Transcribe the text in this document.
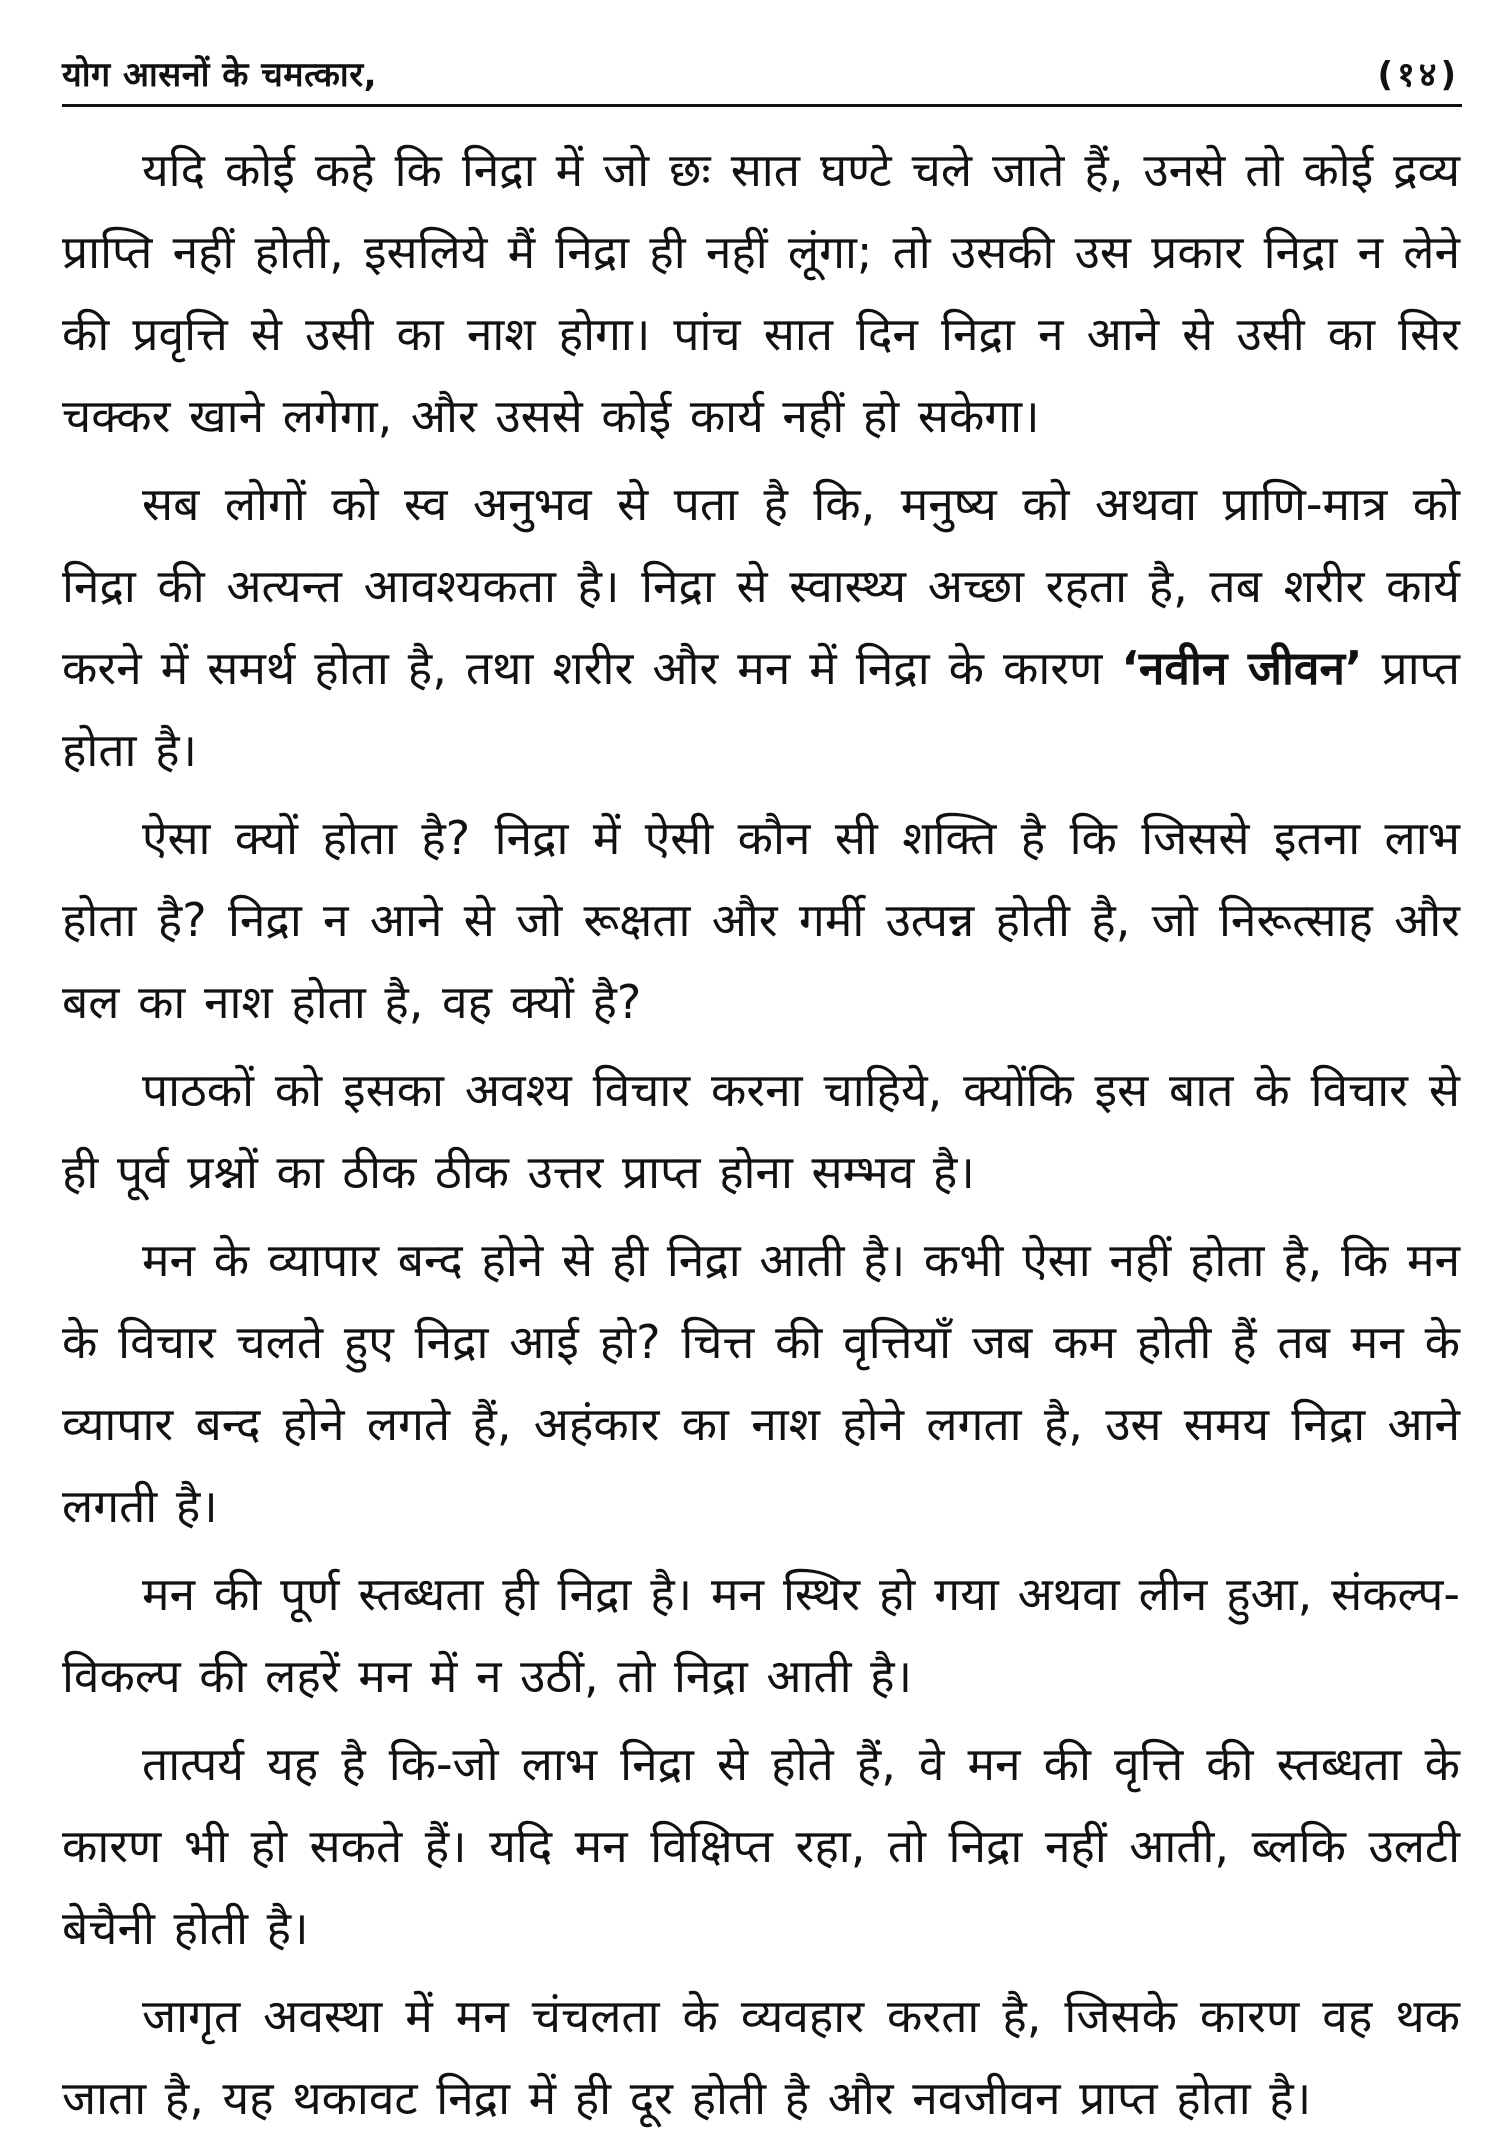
योग आसनों के चमत्कार,	(१४)

यदि कोई कहे कि निद्रा में जो छः सात घण्टे चले जाते हैं, उनसे तो कोई द्रव्य प्राप्ति नहीं होती, इसलिये मैं निद्रा ही नहीं लूंगा; तो उसकी उस प्रकार निद्रा न लेने की प्रवृत्ति से उसी का नाश होगा। पांच सात दिन निद्रा न आने से उसी का सिर चक्कर खाने लगेगा, और उससे कोई कार्य नहीं हो सकेगा।

सब लोगों को स्व अनुभव से पता है कि, मनुष्य को अथवा प्राणि-मात्र को निद्रा की अत्यन्त आवश्यकता है। निद्रा से स्वास्थ्य अच्छा रहता है, तब शरीर कार्य करने में समर्थ होता है, तथा शरीर और मन में निद्रा के कारण ‘नवीन जीवन’ प्राप्त होता है।

ऐसा क्यों होता है? निद्रा में ऐसी कौन सी शक्ति है कि जिससे इतना लाभ होता है? निद्रा न आने से जो रूक्षता और गर्मी उत्पन्न होती है, जो निरूत्साह और बल का नाश होता है, वह क्यों है?

पाठकों को इसका अवश्य विचार करना चाहिये, क्योंकि इस बात के विचार से ही पूर्व प्रश्नों का ठीक ठीक उत्तर प्राप्त होना सम्भव है।

मन के व्यापार बन्द होने से ही निद्रा आती है। कभी ऐसा नहीं होता है, कि मन के विचार चलते हुए निद्रा आई हो? चित्त की वृत्तियाँ जब कम होती हैं तब मन के व्यापार बन्द होने लगते हैं, अहंकार का नाश होने लगता है, उस समय निद्रा आने लगती है।

मन की पूर्ण स्तब्धता ही निद्रा है। मन स्थिर हो गया अथवा लीन हुआ, संकल्प-विकल्प की लहरें मन में न उठीं, तो निद्रा आती है।

तात्पर्य यह है कि-जो लाभ निद्रा से होते हैं, वे मन की वृत्ति की स्तब्धता के कारण भी हो सकते हैं। यदि मन विक्षिप्त रहा, तो निद्रा नहीं आती, ब्लकि उलटी बेचैनी होती है।

जागृत अवस्था में मन चंचलता के व्यवहार करता है, जिसके कारण वह थक जाता है, यह थकावट निद्रा में ही दूर होती है और नवजीवन प्राप्त होता है।
